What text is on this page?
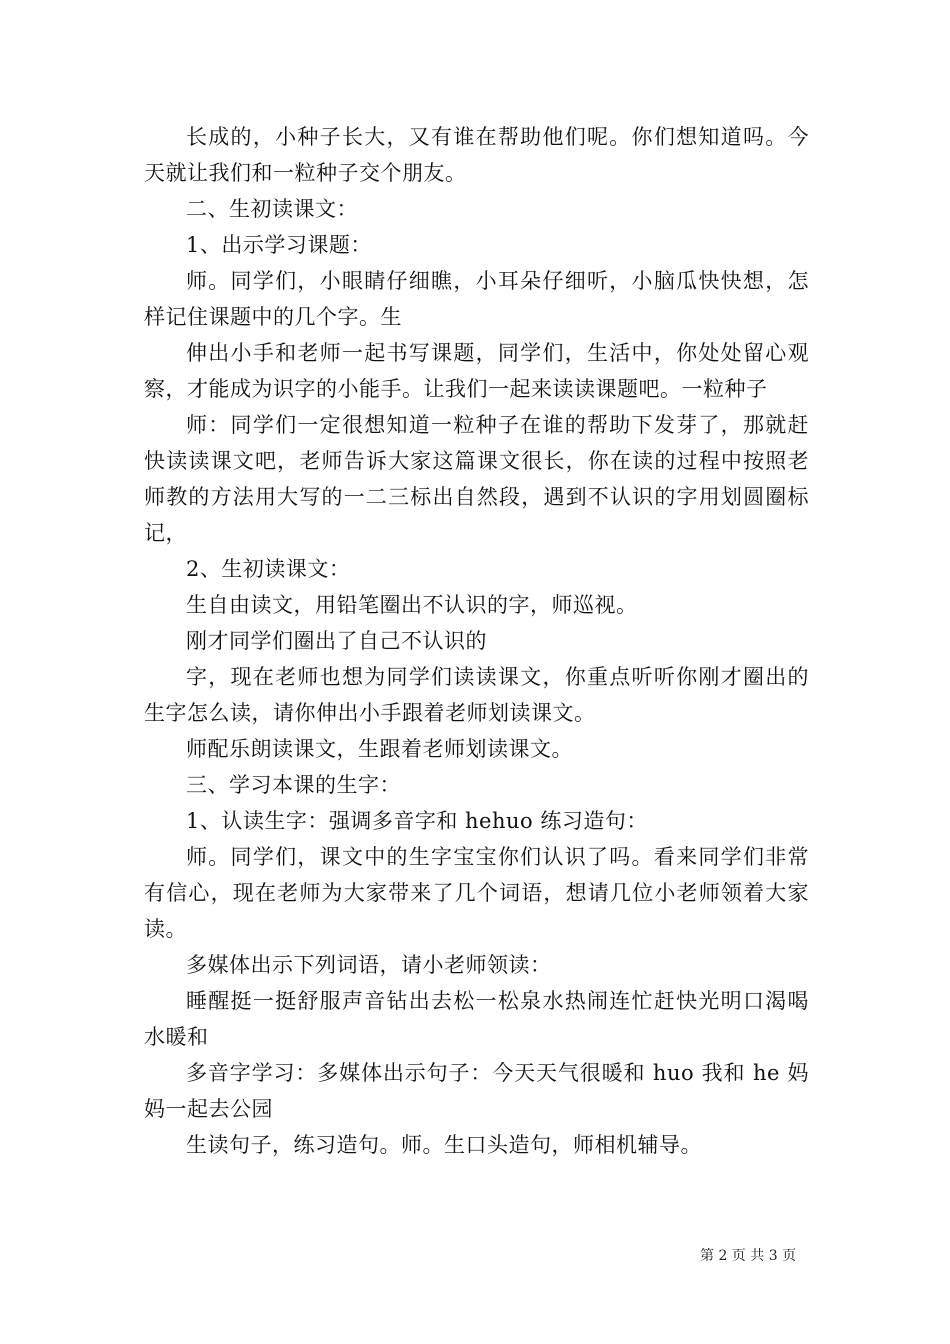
长成的，小种子长大，又有谁在帮助他们呢。你们想知道吗。今天就让我们和一粒种子交个朋友。

二、生初读课文：

1、出示学习课题：

师。同学们，小眼睛仔细瞧，小耳朵仔细听，小脑瓜快快想，怎样记住课题中的几个字。生

伸出小手和老师一起书写课题，同学们，生活中，你处处留心观察，才能成为识字的小能手。让我们一起来读读课题吧。一粒种子

师：同学们一定很想知道一粒种子在谁的帮助下发芽了，那就赶快读读课文吧，老师告诉大家这篇课文很长，你在读的过程中按照老师教的方法用大写的一二三标出自然段，遇到不认识的字用划圆圈标记，

2、生初读课文：

生自由读文，用铅笔圈出不认识的字，师巡视。

刚才同学们圈出了自己不认识的

字，现在老师也想为同学们读读课文，你重点听听你刚才圈出的生字怎么读，请你伸出小手跟着老师划读课文。

师配乐朗读课文，生跟着老师划读课文。

三、学习本课的生字：

1、认读生字：强调多音字和 hehuo 练习造句：

师。同学们，课文中的生字宝宝你们认识了吗。看来同学们非常有信心，现在老师为大家带来了几个词语，想请几位小老师领着大家读。

多媒体出示下列词语，请小老师领读：

睡醒挺一挺舒服声音钻出去松一松泉水热闹连忙赶快光明口渴喝水暖和

多音字学习：多媒体出示句子：今天天气很暖和 huo 我和 he 妈妈一起去公园

生读句子，练习造句。师。生口头造句，师相机辅导。

第 2 页 共 3 页
